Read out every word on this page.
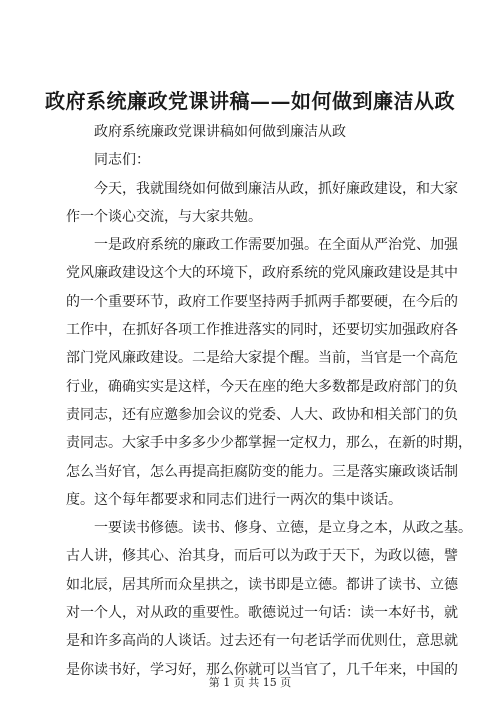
政府系统廉政党课讲稿——如何做到廉洁从政
政府系统廉政党课讲稿如何做到廉洁从政
同志们：
今天，我就围绕如何做到廉洁从政，抓好廉政建设，和大家
作一个谈心交流，与大家共勉。
一是政府系统的廉政工作需要加强。在全面从严治党、加强
党风廉政建设这个大的环境下，政府系统的党风廉政建设是其中
的一个重要环节，政府工作要坚持两手抓两手都要硬，在今后的
工作中，在抓好各项工作推进落实的同时，还要切实加强政府各
部门党风廉政建设。二是给大家提个醒。当前，当官是一个高危
行业，确确实实是这样，今天在座的绝大多数都是政府部门的负
责同志，还有应邀参加会议的党委、人大、政协和相关部门的负
责同志。大家手中多多少少都掌握一定权力，那么，在新的时期，
怎么当好官，怎么再提高拒腐防变的能力。三是落实廉政谈话制
度。这个每年都要求和同志们进行一两次的集中谈话。
一要读书修德。读书、修身、立德，是立身之本，从政之基。
古人讲，修其心、治其身，而后可以为政于天下，为政以德，譬
如北辰，居其所而众星拱之，读书即是立德。都讲了读书、立德
对一个人，对从政的重要性。歌德说过一句话：读一本好书，就
是和许多高尚的人谈话。过去还有一句老话学而优则仕，意思就
是你读书好，学习好，那么你就可以当官了，几千年来，中国的
第 1 页 共 15 页
